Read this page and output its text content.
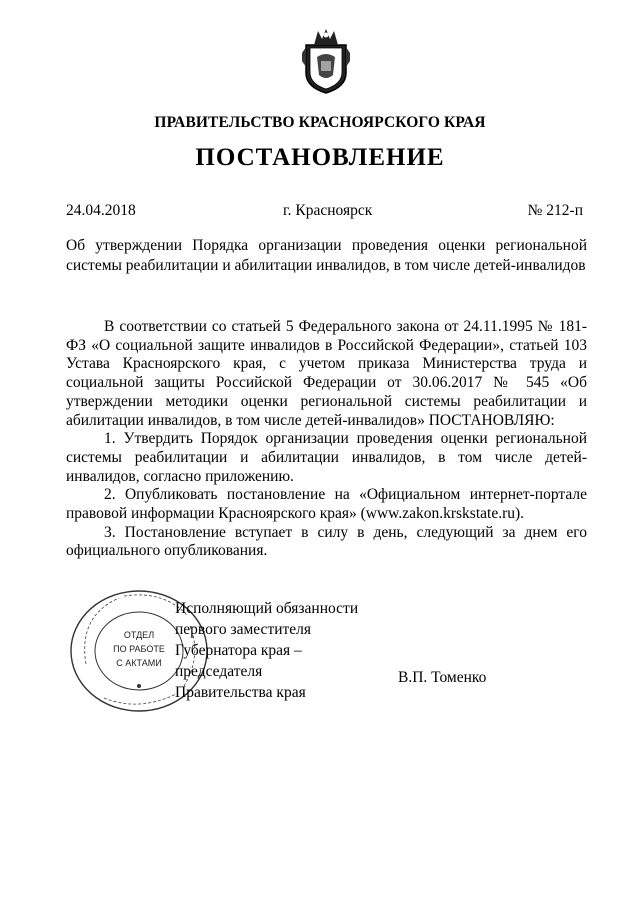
ПРАВИТЕЛЬСТВО КРАСНОЯРСКОГО КРАЯ
ПОСТАНОВЛЕНИЕ
24.04.2018	г. Красноярск	№ 212-п
Об утверждении Порядка организации проведения оценки региональной системы реабилитации и абилитации инвалидов, в том числе детей-инвалидов

В соответствии со статьей 5 Федерального закона от 24.11.1995 № 181-ФЗ «О социальной защите инвалидов в Российской Федерации», статьей 103 Устава Красноярского края, с учетом приказа Министерства труда и социальной защиты Российской Федерации от 30.06.2017 № 545 «Об утверждении методики оценки региональной системы реабилитации и абилитации инвалидов, в том числе детей-инвалидов» ПОСТАНОВЛЯЮ:

1. Утвердить Порядок организации проведения оценки региональной системы реабилитации и абилитации инвалидов, в том числе детей-инвалидов, согласно приложению.

2. Опубликовать постановление на «Официальном интернет-портале правовой информации Красноярского края» (www.zakon.krskstate.ru).

3. Постановление вступает в силу в день, следующий за днем его официального опубликования.

ОТДЕЛ
ПО РАБОТЕ
С АКТАМИ
Исполняющий обязанности
первого заместителя
Губернатора края –
председателя
Правительства края
В.П. Томенко
